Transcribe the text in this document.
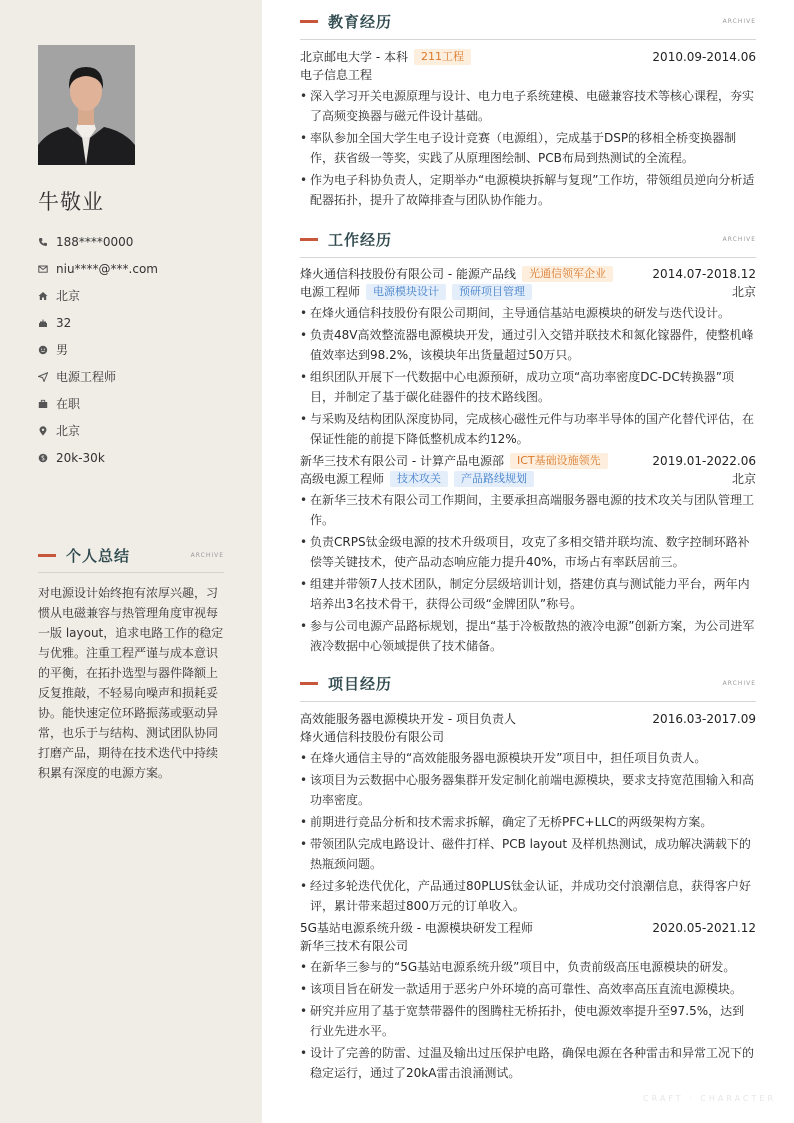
牛敬业
188****0000
niu****@***.com
北京
32
男
电源工程师
在职
北京
20k-30k
个人总结	ARCHIVE
对电源设计始终抱有浓厚兴趣，习惯从电磁兼容与热管理角度审视每一版 layout，追求电路工作的稳定与优雅。注重工程严谨与成本意识的平衡，在拓扑选型与器件降额上反复推敲，不轻易向噪声和损耗妥协。能快速定位环路振荡或驱动异常，也乐于与结构、测试团队协同打磨产品，期待在技术迭代中持续积累有深度的电源方案。
教育经历	ARCHIVE
北京邮电大学 - 本科	211工程	2010.09-2014.06
电子信息工程
• 深入学习开关电源原理与设计、电力电子系统建模、电磁兼容技术等核心课程，夯实了高频变换器与磁元件设计基础。
• 率队参加全国大学生电子设计竞赛（电源组），完成基于DSP的移相全桥变换器制作，获省级一等奖，实践了从原理图绘制、PCB布局到热测试的全流程。
• 作为电子科协负责人，定期举办“电源模块拆解与复现”工作坊，带领组员逆向分析适配器拓扑，提升了故障排查与团队协作能力。
工作经历	ARCHIVE
烽火通信科技股份有限公司 - 能源产品线	光通信领军企业	2014.07-2018.12
电源工程师	电源模块设计	预研项目管理	北京
• 在烽火通信科技股份有限公司期间，主导通信基站电源模块的研发与迭代设计。
• 负责48V高效整流器电源模块开发，通过引入交错并联技术和氮化镓器件，使整机峰值效率达到98.2%，该模块年出货量超过50万只。
• 组织团队开展下一代数据中心电源预研，成功立项“高功率密度DC-DC转换器”项目，并制定了基于碳化硅器件的技术路线图。
• 与采购及结构团队深度协同，完成核心磁性元件与功率半导体的国产化替代评估，在保证性能的前提下降低整机成本约12%。
新华三技术有限公司 - 计算产品电源部	ICT基础设施领先	2019.01-2022.06
高级电源工程师	技术攻关	产品路线规划	北京
• 在新华三技术有限公司工作期间，主要承担高端服务器电源的技术攻关与团队管理工作。
• 负责CRPS钛金级电源的技术升级项目，攻克了多相交错并联均流、数字控制环路补偿等关键技术，使产品动态响应能力提升40%，市场占有率跃居前三。
• 组建并带领7人技术团队，制定分层级培训计划，搭建仿真与测试能力平台，两年内培养出3名技术骨干，获得公司级“金牌团队”称号。
• 参与公司电源产品路标规划，提出“基于冷板散热的液冷电源”创新方案，为公司进军液冷数据中心领域提供了技术储备。
项目经历	ARCHIVE
高效能服务器电源模块开发 - 项目负责人	2016.03-2017.09
烽火通信科技股份有限公司
• 在烽火通信主导的“高效能服务器电源模块开发”项目中，担任项目负责人。
• 该项目为云数据中心服务器集群开发定制化前端电源模块，要求支持宽范围输入和高功率密度。
• 前期进行竞品分析和技术需求拆解，确定了无桥PFC+LLC的两级架构方案。
• 带领团队完成电路设计、磁件打样、PCB layout 及样机热测试，成功解决满载下的热瓶颈问题。
• 经过多轮迭代优化，产品通过80PLUS钛金认证，并成功交付浪潮信息，获得客户好评，累计带来超过800万元的订单收入。
5G基站电源系统升级 - 电源模块研发工程师	2020.05-2021.12
新华三技术有限公司
• 在新华三参与的“5G基站电源系统升级”项目中，负责前级高压电源模块的研发。
• 该项目旨在研发一款适用于恶劣户外环境的高可靠性、高效率高压直流电源模块。
• 研究并应用了基于宽禁带器件的图腾柱无桥拓扑，使电源效率提升至97.5%，达到行业先进水平。
• 设计了完善的防雷、过温及输出过压保护电路，确保电源在各种雷击和异常工况下的稳定运行，通过了20kA雷击浪涌测试。
CRAFT · CHARACTER
